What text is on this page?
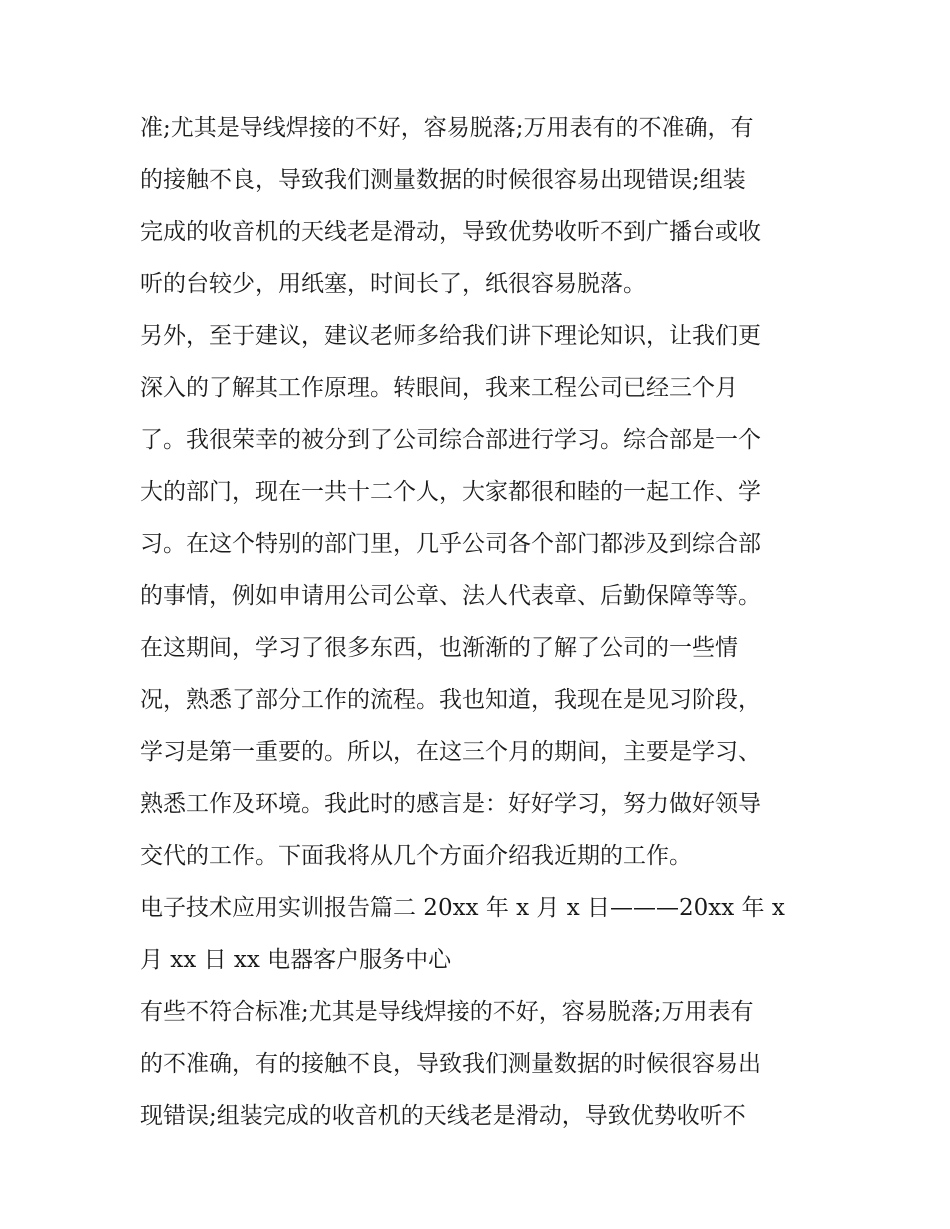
准;尤其是导线焊接的不好，容易脱落;万用表有的不准确，有
的接触不良，导致我们测量数据的时候很容易出现错误;组装
完成的收音机的天线老是滑动，导致优势收听不到广播台或收
听的台较少，用纸塞，时间长了，纸很容易脱落。
另外，至于建议，建议老师多给我们讲下理论知识，让我们更
深入的了解其工作原理。转眼间，我来工程公司已经三个月
了。我很荣幸的被分到了公司综合部进行学习。综合部是一个
大的部门，现在一共十二个人，大家都很和睦的一起工作、学
习。在这个特别的部门里，几乎公司各个部门都涉及到综合部
的事情，例如申请用公司公章、法人代表章、后勤保障等等。
在这期间，学习了很多东西，也渐渐的了解了公司的一些情
况，熟悉了部分工作的流程。我也知道，我现在是见习阶段，
学习是第一重要的。所以，在这三个月的期间，主要是学习、
熟悉工作及环境。我此时的感言是：好好学习，努力做好领导
交代的工作。下面我将从几个方面介绍我近期的工作。
电子技术应用实训报告篇二 20xx 年 x 月 x 日———20xx 年 x
月 xx 日 xx 电器客户服务中心
有些不符合标准;尤其是导线焊接的不好，容易脱落;万用表有
的不准确，有的接触不良，导致我们测量数据的时候很容易出
现错误;组装完成的收音机的天线老是滑动，导致优势收听不
